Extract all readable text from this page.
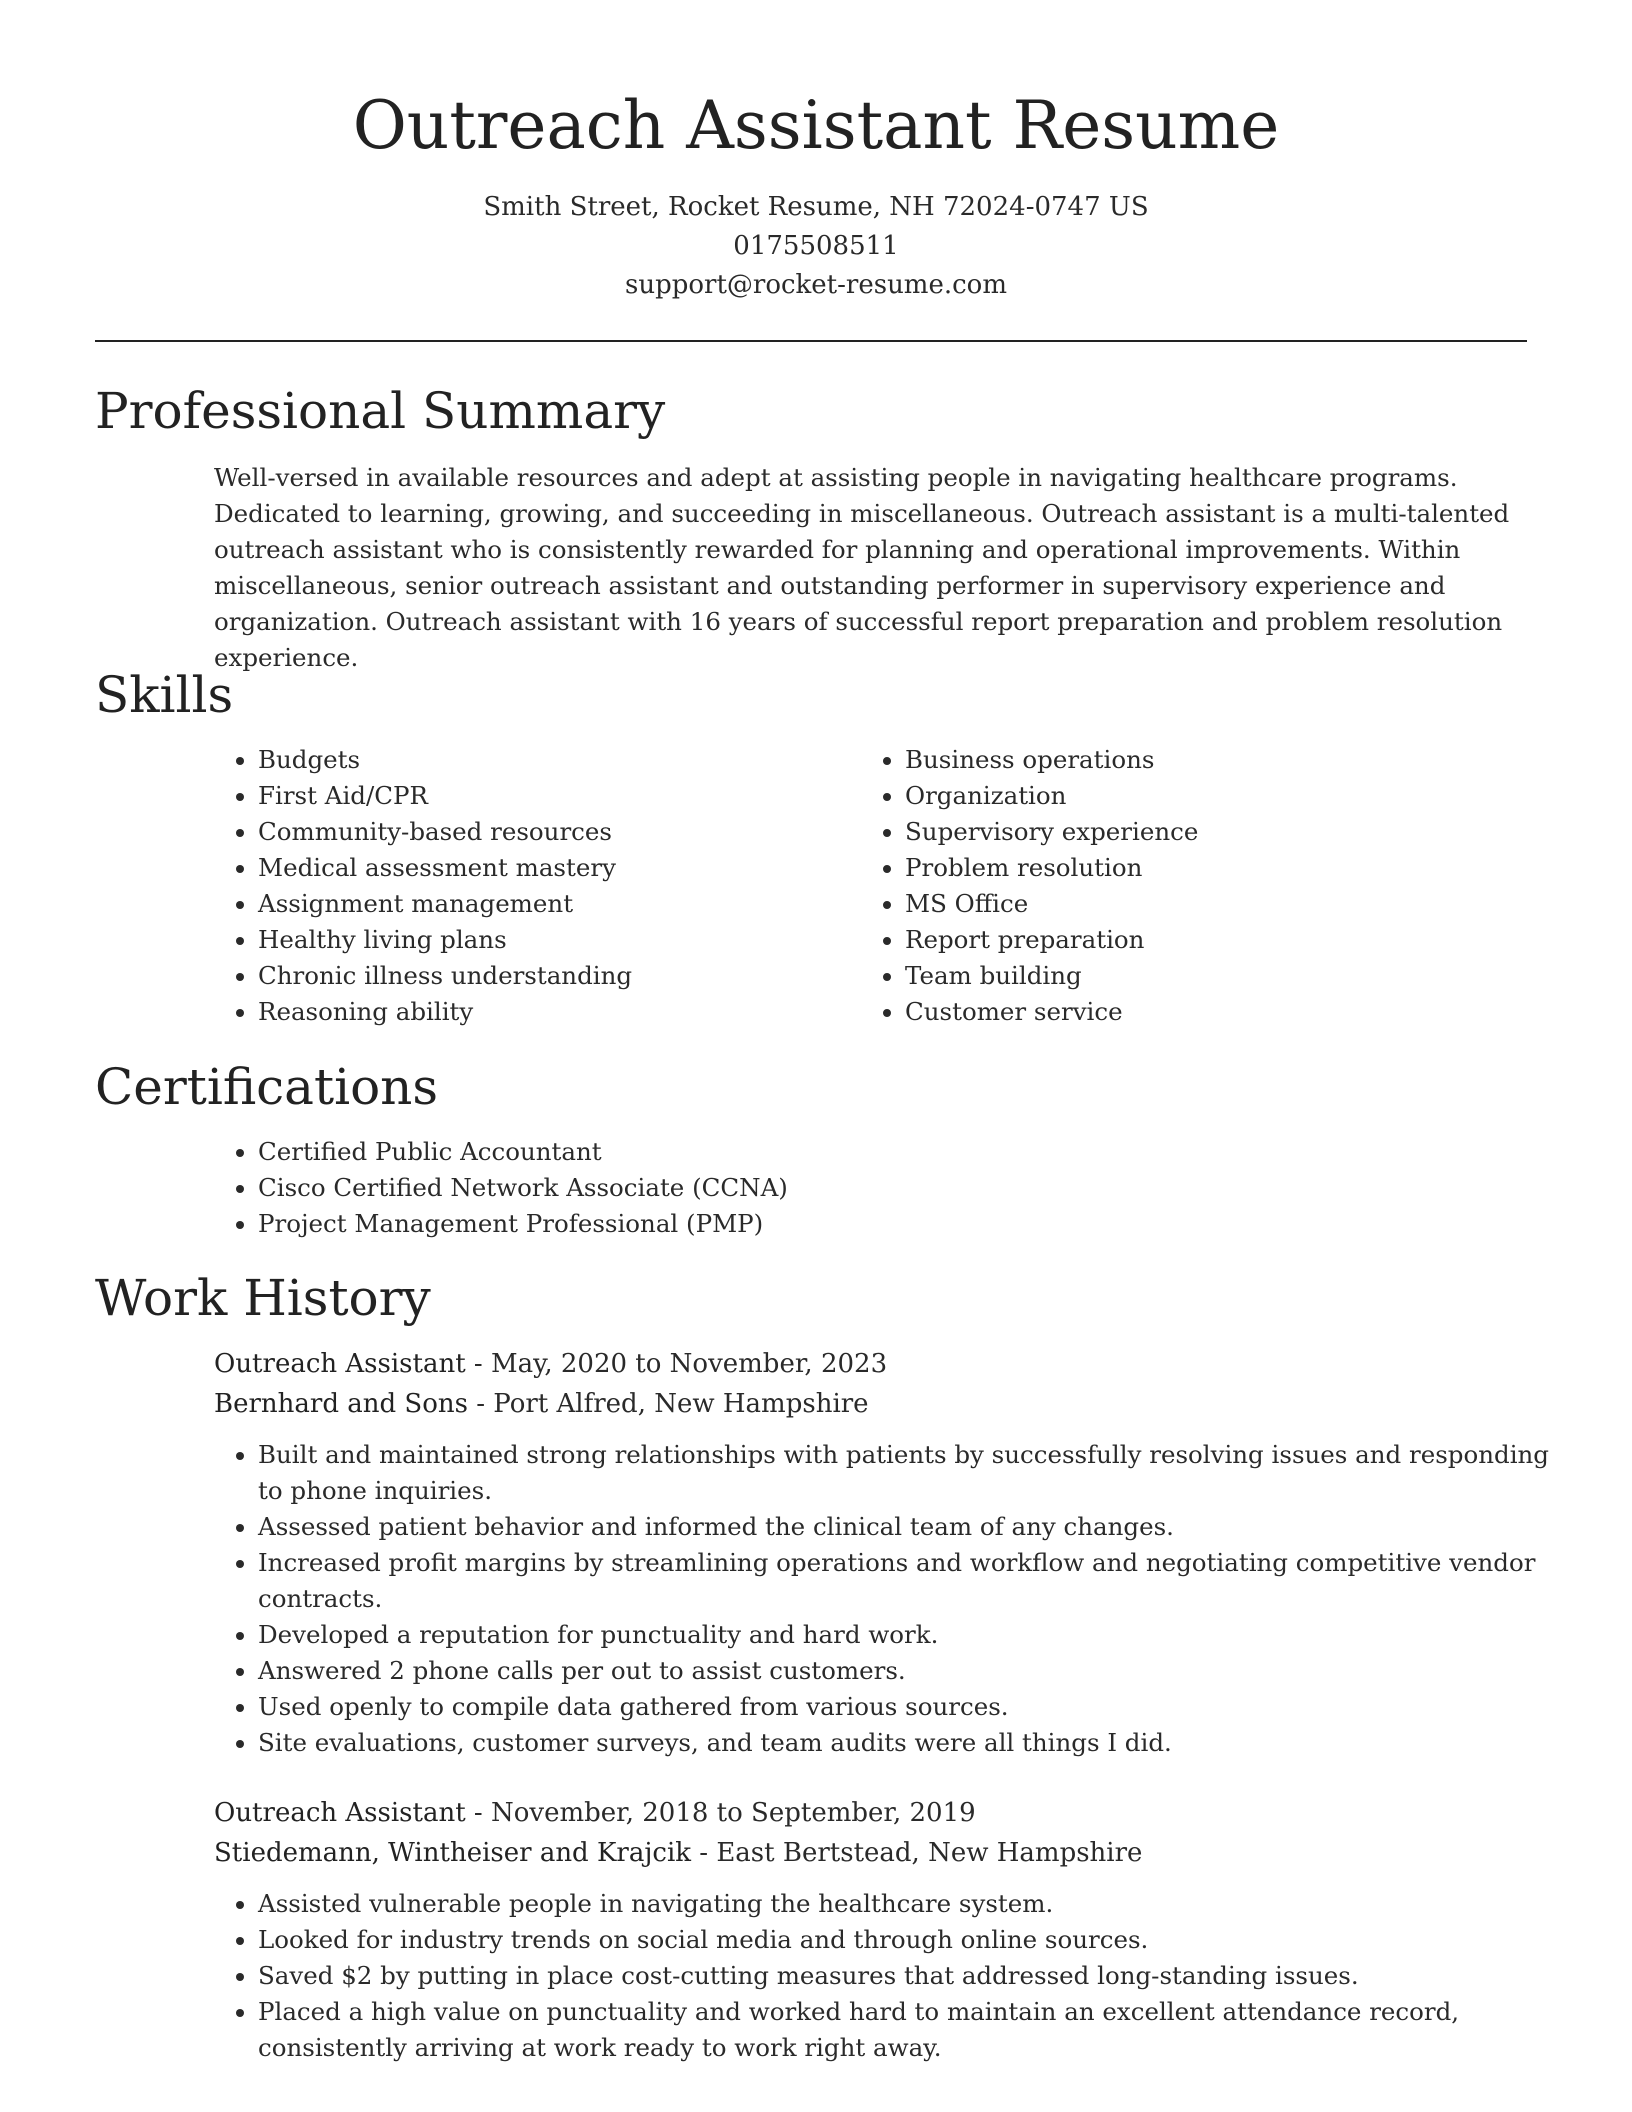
Outreach Assistant Resume
Smith Street, Rocket Resume, NH 72024-0747 US
0175508511
support@rocket-resume.com
Professional Summary

Well-versed in available resources and adept at assisting people in navigating healthcare programs. Dedicated to learning, growing, and succeeding in miscellaneous. Outreach assistant is a multi-talented outreach assistant who is consistently rewarded for planning and operational improvements. Within miscellaneous, senior outreach assistant and outstanding performer in supervisory experience and organization. Outreach assistant with 16 years of successful report preparation and problem resolution experience.

Skills
• Budgets
• First Aid/CPR
• Community-based resources
• Medical assessment mastery
• Assignment management
• Healthy living plans
• Chronic illness understanding
• Reasoning ability
• Business operations
• Organization
• Supervisory experience
• Problem resolution
• MS Office
• Report preparation
• Team building
• Customer service
Certifications
• Certified Public Accountant
• Cisco Certified Network Associate (CCNA)
• Project Management Professional (PMP)
Work History
Outreach Assistant - May, 2020 to November, 2023
Bernhard and Sons - Port Alfred, New Hampshire
• Built and maintained strong relationships with patients by successfully resolving issues and responding to phone inquiries.
• Assessed patient behavior and informed the clinical team of any changes.
• Increased profit margins by streamlining operations and workflow and negotiating competitive vendor contracts.
• Developed a reputation for punctuality and hard work.
• Answered 2 phone calls per out to assist customers.
• Used openly to compile data gathered from various sources.
• Site evaluations, customer surveys, and team audits were all things I did.
Outreach Assistant - November, 2018 to September, 2019
Stiedemann, Wintheiser and Krajcik - East Bertstead, New Hampshire
• Assisted vulnerable people in navigating the healthcare system.
• Looked for industry trends on social media and through online sources.
• Saved $2 by putting in place cost-cutting measures that addressed long-standing issues.
• Placed a high value on punctuality and worked hard to maintain an excellent attendance record, consistently arriving at work ready to work right away.
